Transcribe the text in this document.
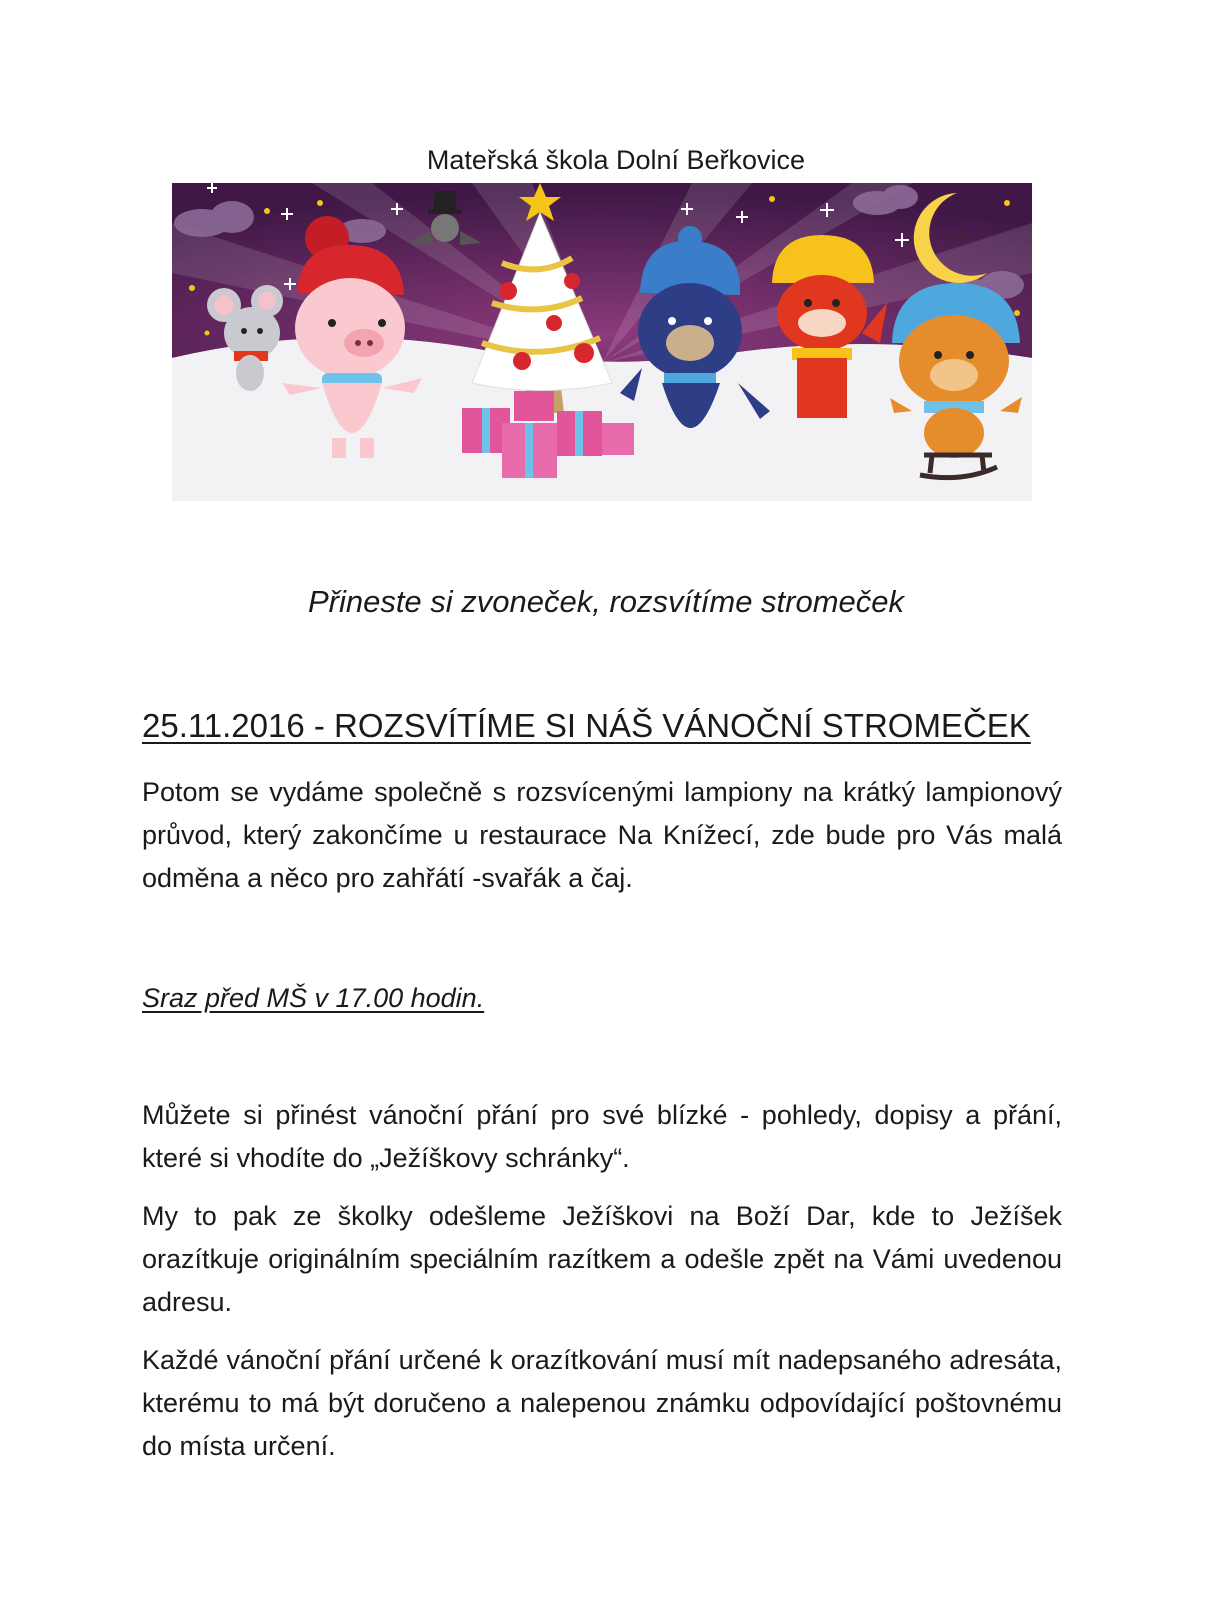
Mateřská škola Dolní Beřkovice
Přineste si zvoneček, rozsvítíme stromeček
25.11.2016 - ROZSVÍTÍME SI NÁŠ VÁNOČNÍ STROMEČEK

Potom se vydáme společně s rozsvícenými lampiony na krátký lampionový průvod, který zakončíme u restaurace Na Knížecí, zde bude pro Vás malá odměna a něco pro zahřátí -svařák a čaj.

Sraz před MŠ v 17.00 hodin.

Můžete si přinést vánoční přání pro své blízké - pohledy, dopisy a přání, které si vhodíte do „Ježíškovy schránky“.

My to pak ze školky odešleme Ježíškovi na Boží Dar, kde to Ježíšek orazítkuje originálním speciálním razítkem a odešle zpět na Vámi uvedenou adresu.

Každé vánoční přání určené k orazítkování musí mít nadepsaného adresáta, kterému to má být doručeno a nalepenou známku odpovídající poštovnému do místa určení.
